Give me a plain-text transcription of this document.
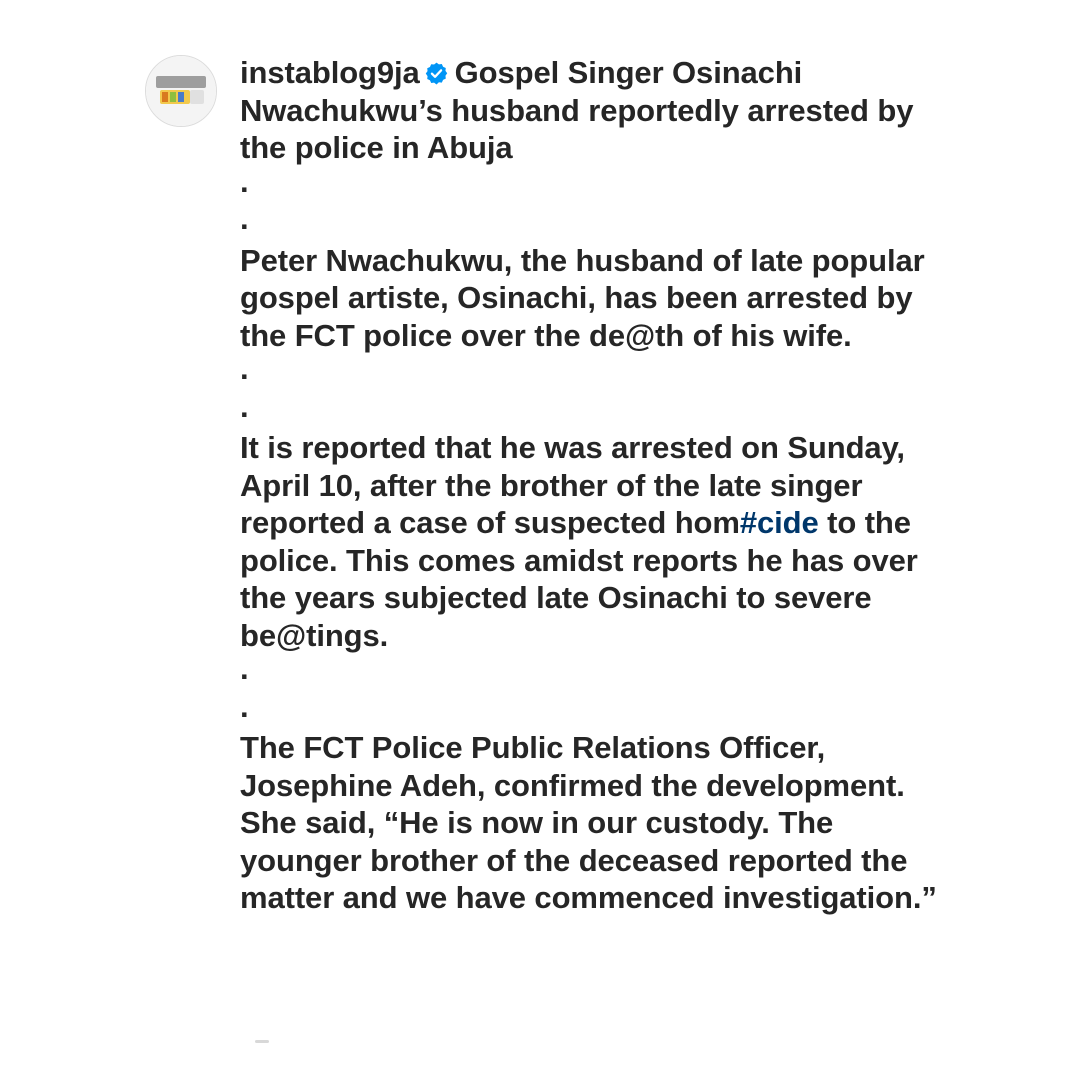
instablog9ja Gospel Singer Osinachi Nwachukwu’s husband reportedly arrested by the police in Abuja

.
.

Peter Nwachukwu, the husband of late popular gospel artiste, Osinachi, has been arrested by the FCT police over the de@th of his wife.

.
.

It is reported that he was arrested on Sunday, April 10, after the brother of the late singer reported a case of suspected hom#cide to the police. This comes amidst reports he has over the years subjected late Osinachi to severe be@tings.

.
.

The FCT Police Public Relations Officer, Josephine Adeh, confirmed the development. She said, “He is now in our custody. The younger brother of the deceased reported the matter and we have commenced investigation.”
